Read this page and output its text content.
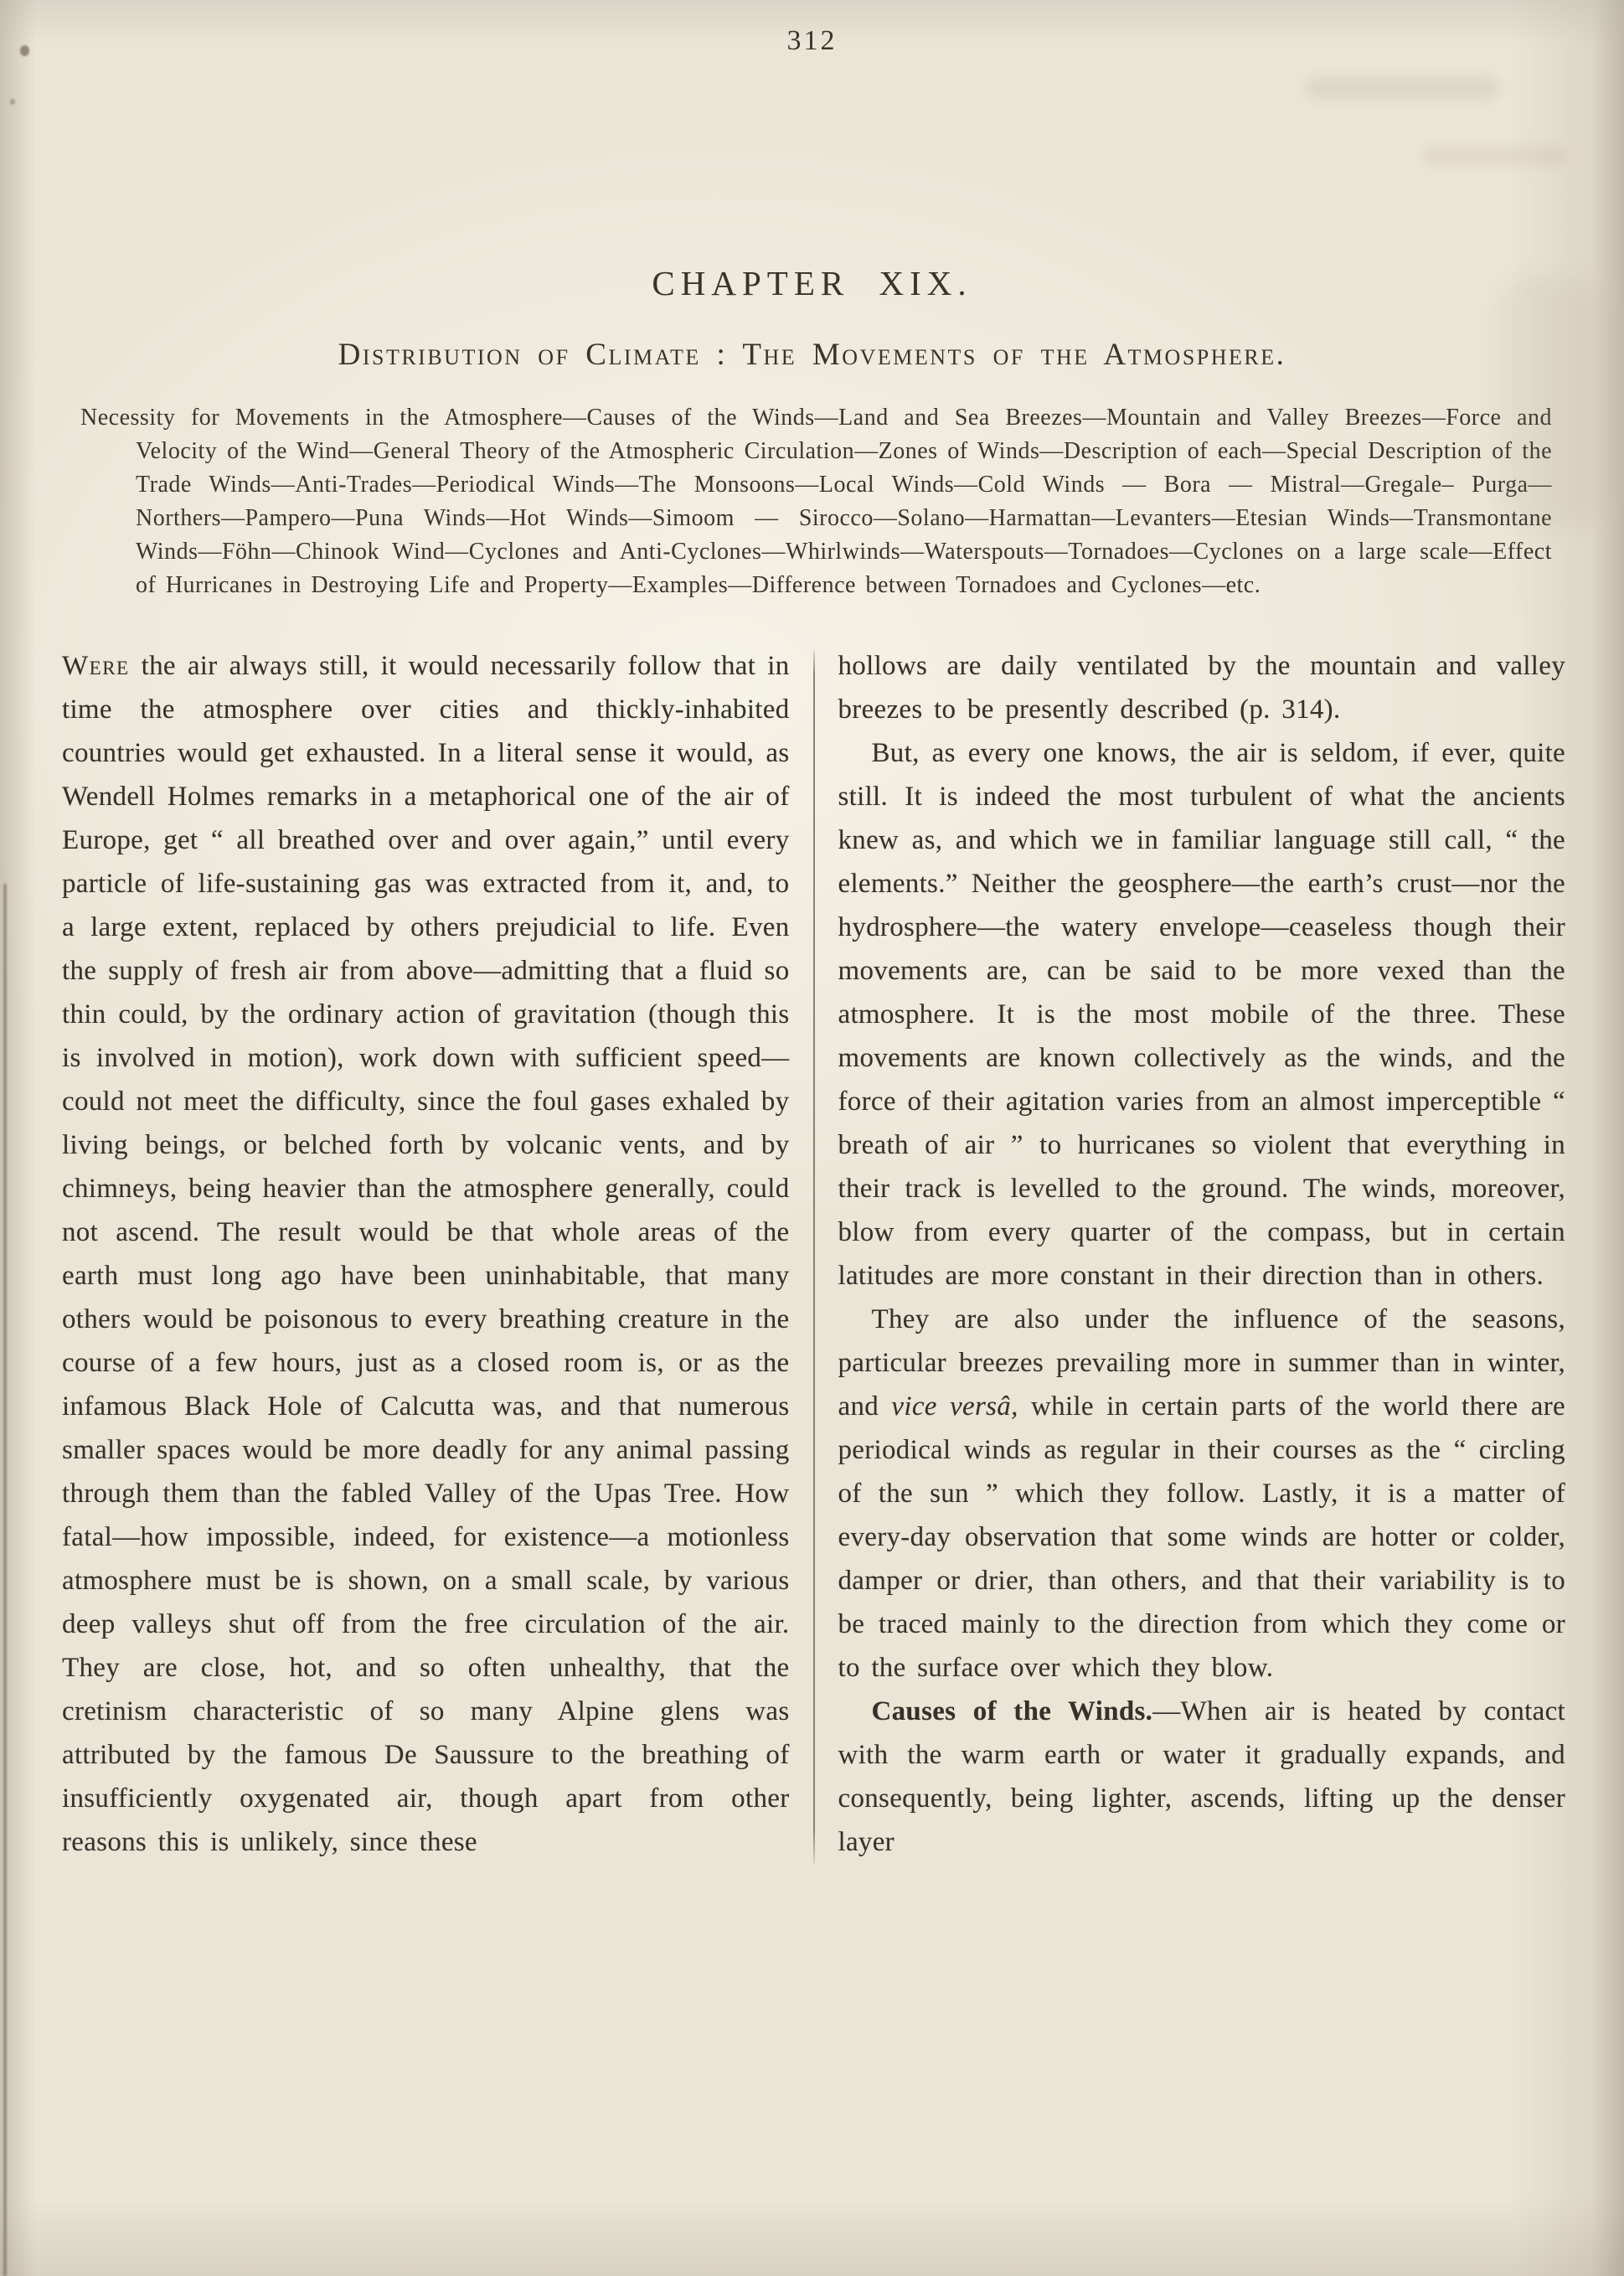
312
CHAPTER XIX.
Distribution of Climate : The Movements of the Atmosphere.
Necessity for Movements in the Atmosphere—Causes of the Winds—Land and Sea Breezes—Mountain and Valley Breezes—Force and Velocity of the Wind—General Theory of the Atmospheric Circulation—Zones of Winds—Description of each—Special Description of the Trade Winds—Anti-Trades—Periodical Winds—The Monsoons—Local Winds—Cold Winds — Bora — Mistral—Gregale– Purga—Northers—Pampero—Puna Winds—Hot Winds—Simoom — Sirocco—Solano—Harmattan—Levanters—Etesian Winds—Transmontane Winds—Föhn—Chinook Wind—Cyclones and Anti-Cyclones—Whirlwinds—Waterspouts—Tornadoes—Cyclones on a large scale—Effect of Hurricanes in Destroying Life and Property—Examples—Difference between Tornadoes and Cyclones—etc.

Were the air always still, it would necessarily follow that in time the atmosphere over cities and thickly-inhabited countries would get exhausted. In a literal sense it would, as Wendell Holmes remarks in a metaphorical one of the air of Europe, get “ all breathed over and over again,” until every particle of life-sustaining gas was extracted from it, and, to a large extent, replaced by others prejudicial to life. Even the supply of fresh air from above—admitting that a fluid so thin could, by the ordinary action of gravitation (though this is involved in motion), work down with sufficient speed—could not meet the difficulty, since the foul gases exhaled by living beings, or belched forth by volcanic vents, and by chimneys, being heavier than the atmosphere generally, could not ascend. The result would be that whole areas of the earth must long ago have been uninhabitable, that many others would be poisonous to every breathing creature in the course of a few hours, just as a closed room is, or as the infamous Black Hole of Calcutta was, and that numerous smaller spaces would be more deadly for any animal passing through them than the fabled Valley of the Upas Tree. How fatal—how impossible, indeed, for existence—a motionless atmosphere must be is shown, on a small scale, by various deep valleys shut off from the free circulation of the air. They are close, hot, and so often unhealthy, that the cretinism characteristic of so many Alpine glens was attributed by the famous De Saussure to the breathing of insufficiently oxygenated air, though apart from other reasons this is unlikely, since these

hollows are daily ventilated by the mountain and valley breezes to be presently described (p. 314).

But, as every one knows, the air is seldom, if ever, quite still. It is indeed the most turbulent of what the ancients knew as, and which we in familiar language still call, “ the elements.” Neither the geosphere—the earth’s crust—nor the hydrosphere—the watery envelope—ceaseless though their movements are, can be said to be more vexed than the atmosphere. It is the most mobile of the three. These movements are known collectively as the winds, and the force of their agitation varies from an almost imperceptible “ breath of air ” to hurricanes so violent that everything in their track is levelled to the ground. The winds, moreover, blow from every quarter of the compass, but in certain latitudes are more constant in their direction than in others.

They are also under the influence of the seasons, particular breezes prevailing more in summer than in winter, and vice versâ, while in certain parts of the world there are periodical winds as regular in their courses as the “ circling of the sun ” which they follow. Lastly, it is a matter of every-day observation that some winds are hotter or colder, damper or drier, than others, and that their variability is to be traced mainly to the direction from which they come or to the surface over which they blow.

Causes of the Winds.—When air is heated by contact with the warm earth or water it gradually expands, and consequently, being lighter, ascends, lifting up the denser layer
